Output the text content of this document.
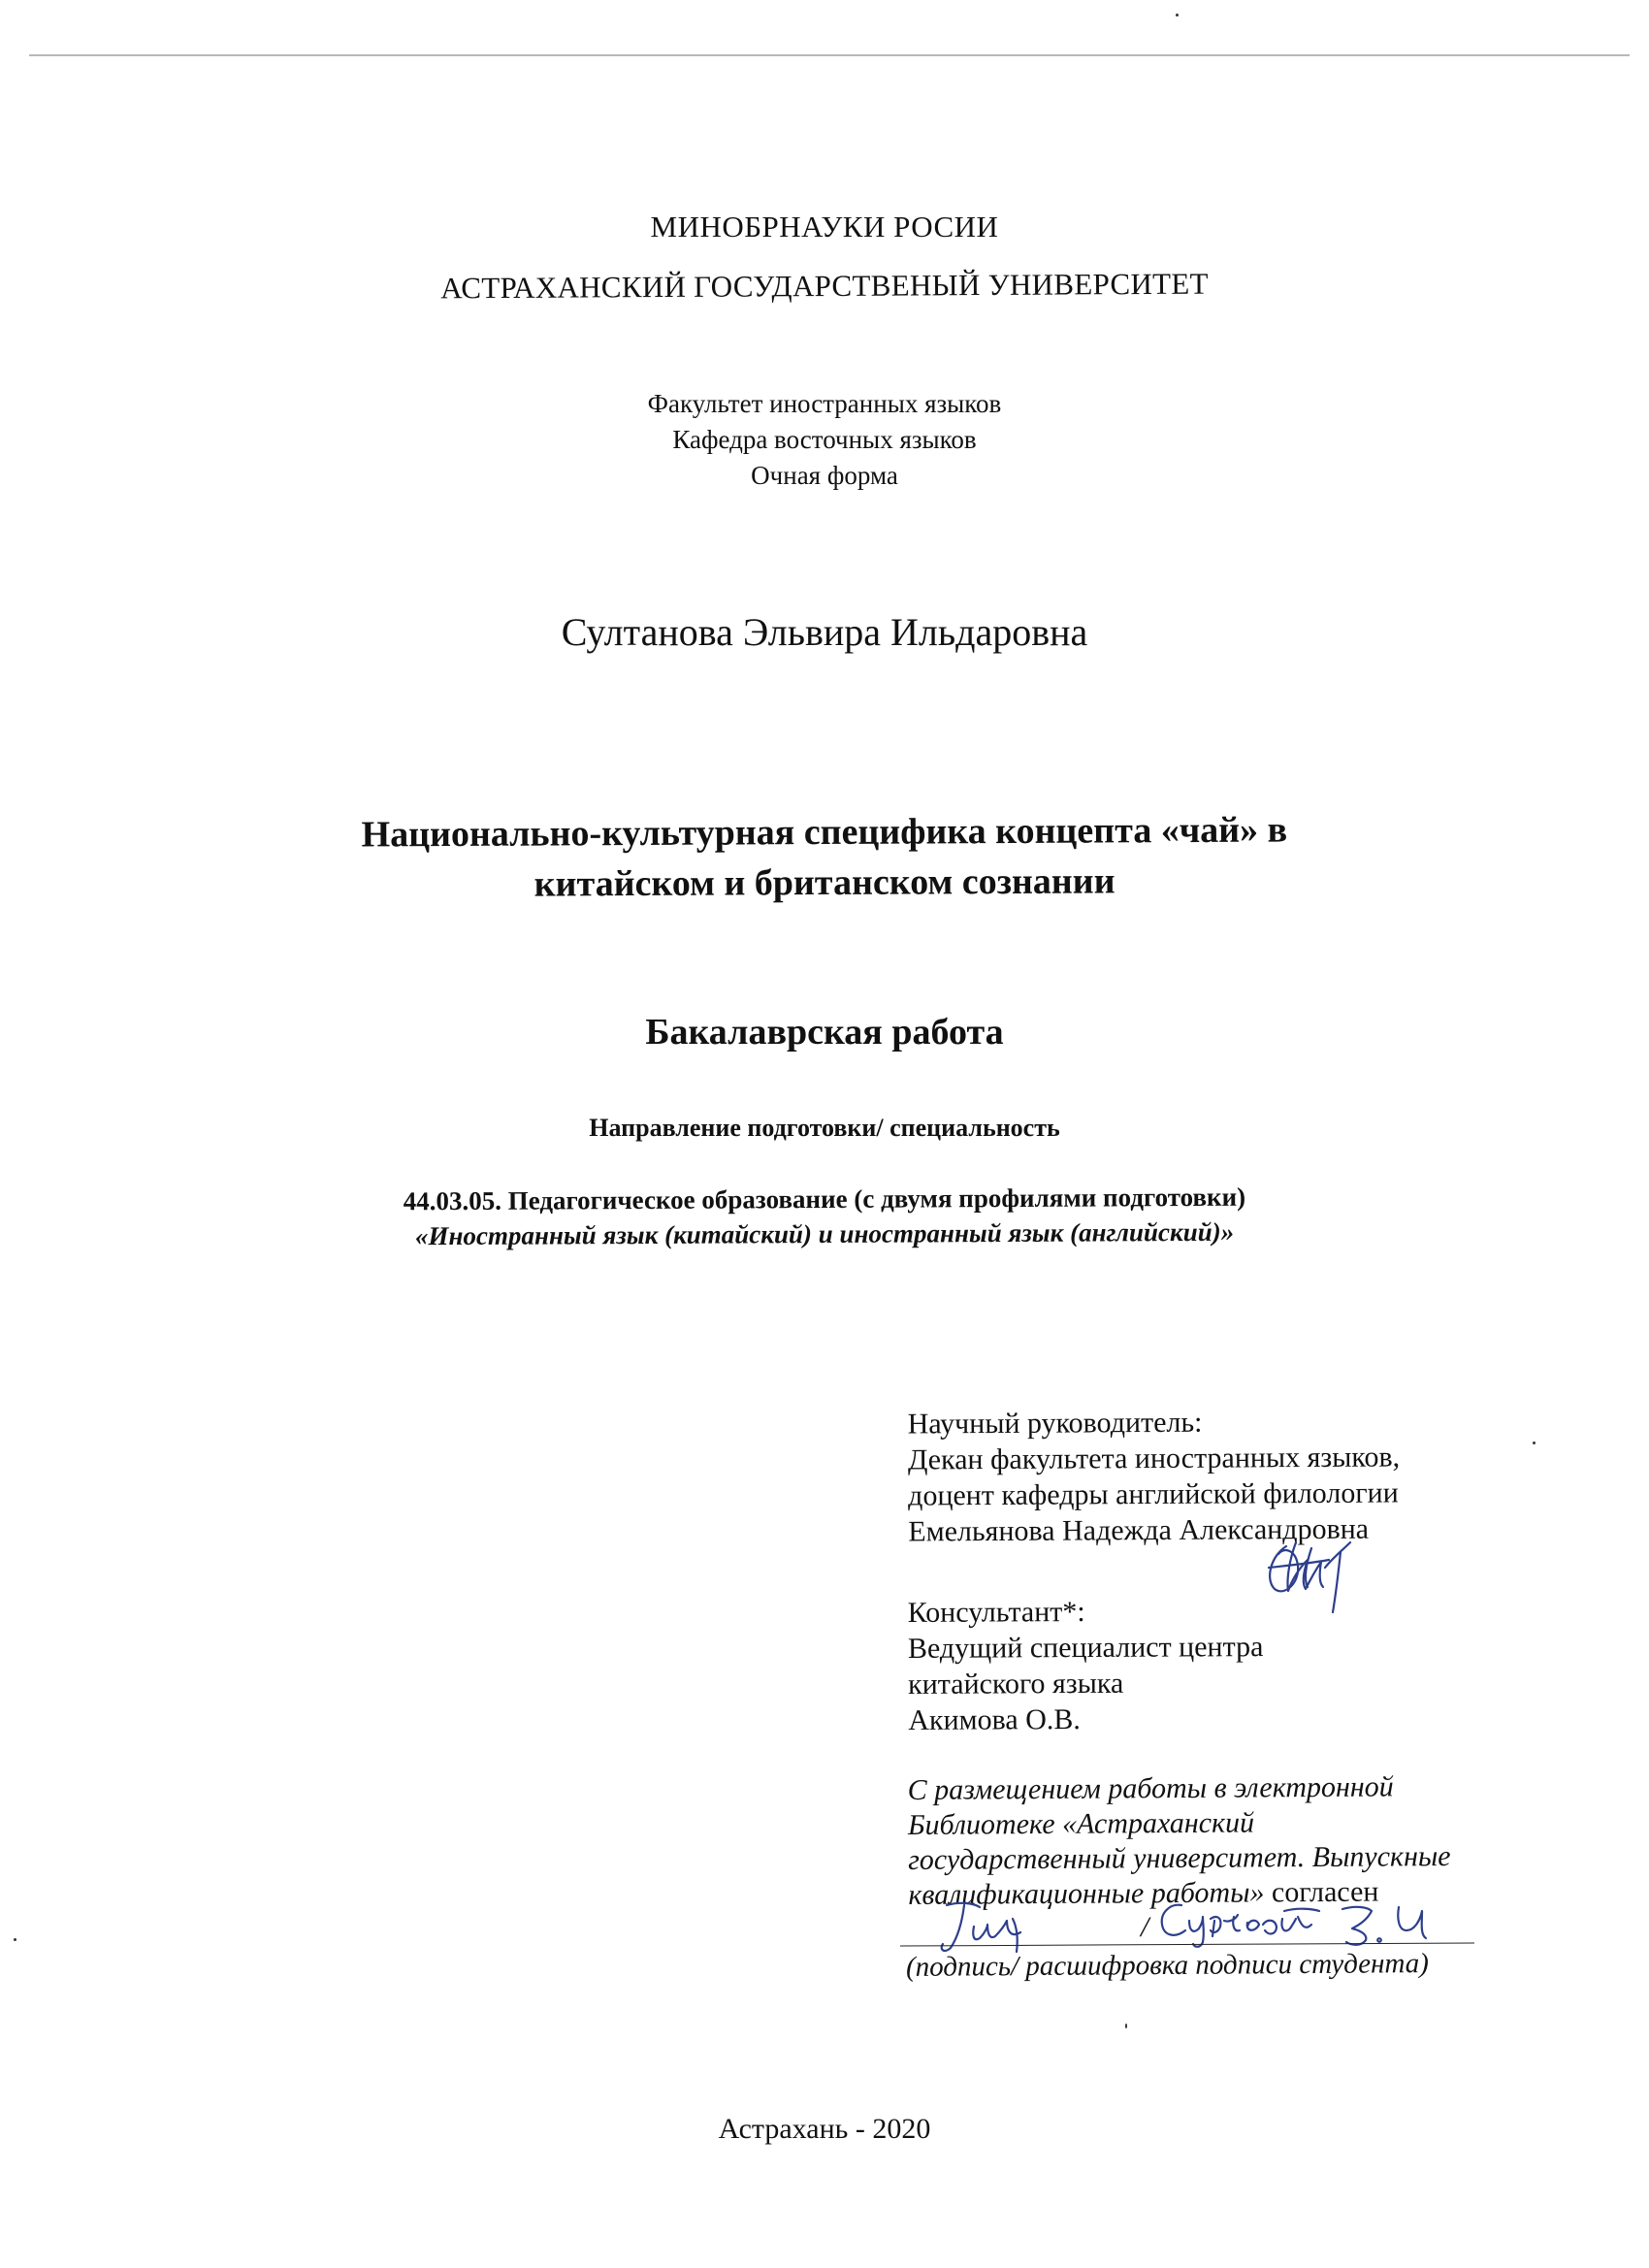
МИНОБРНАУКИ РОСИИ
АСТРАХАНСКИЙ ГОСУДАРСТВЕНЫЙ УНИВЕРСИТЕТ
Факультет иностранных языков
Кафедра восточных языков
Очная форма
Султанова Эльвира Ильдаровна
Национально-культурная специфика концепта «чай» в
китайском и британском сознании
Бакалаврская работа
Направление подготовки/ специальность
44.03.05. Педагогическое образование (с двумя профилями подготовки)
«Иностранный язык (китайский) и иностранный язык (английский)»
Научный руководитель:
Декан факультета иностранных языков,
доцент кафедры английской филологии
Емельянова Надежда Александровна
Консультант*:
Ведущий специалист центра
китайского языка
Акимова О.В.
С размещением работы в электронной
Библиотеке «Астраханский
государственный университет. Выпускные
квалификационные работы» согласен
/
(подпись/ расшифровка подписи студента)
Астрахань - 2020
